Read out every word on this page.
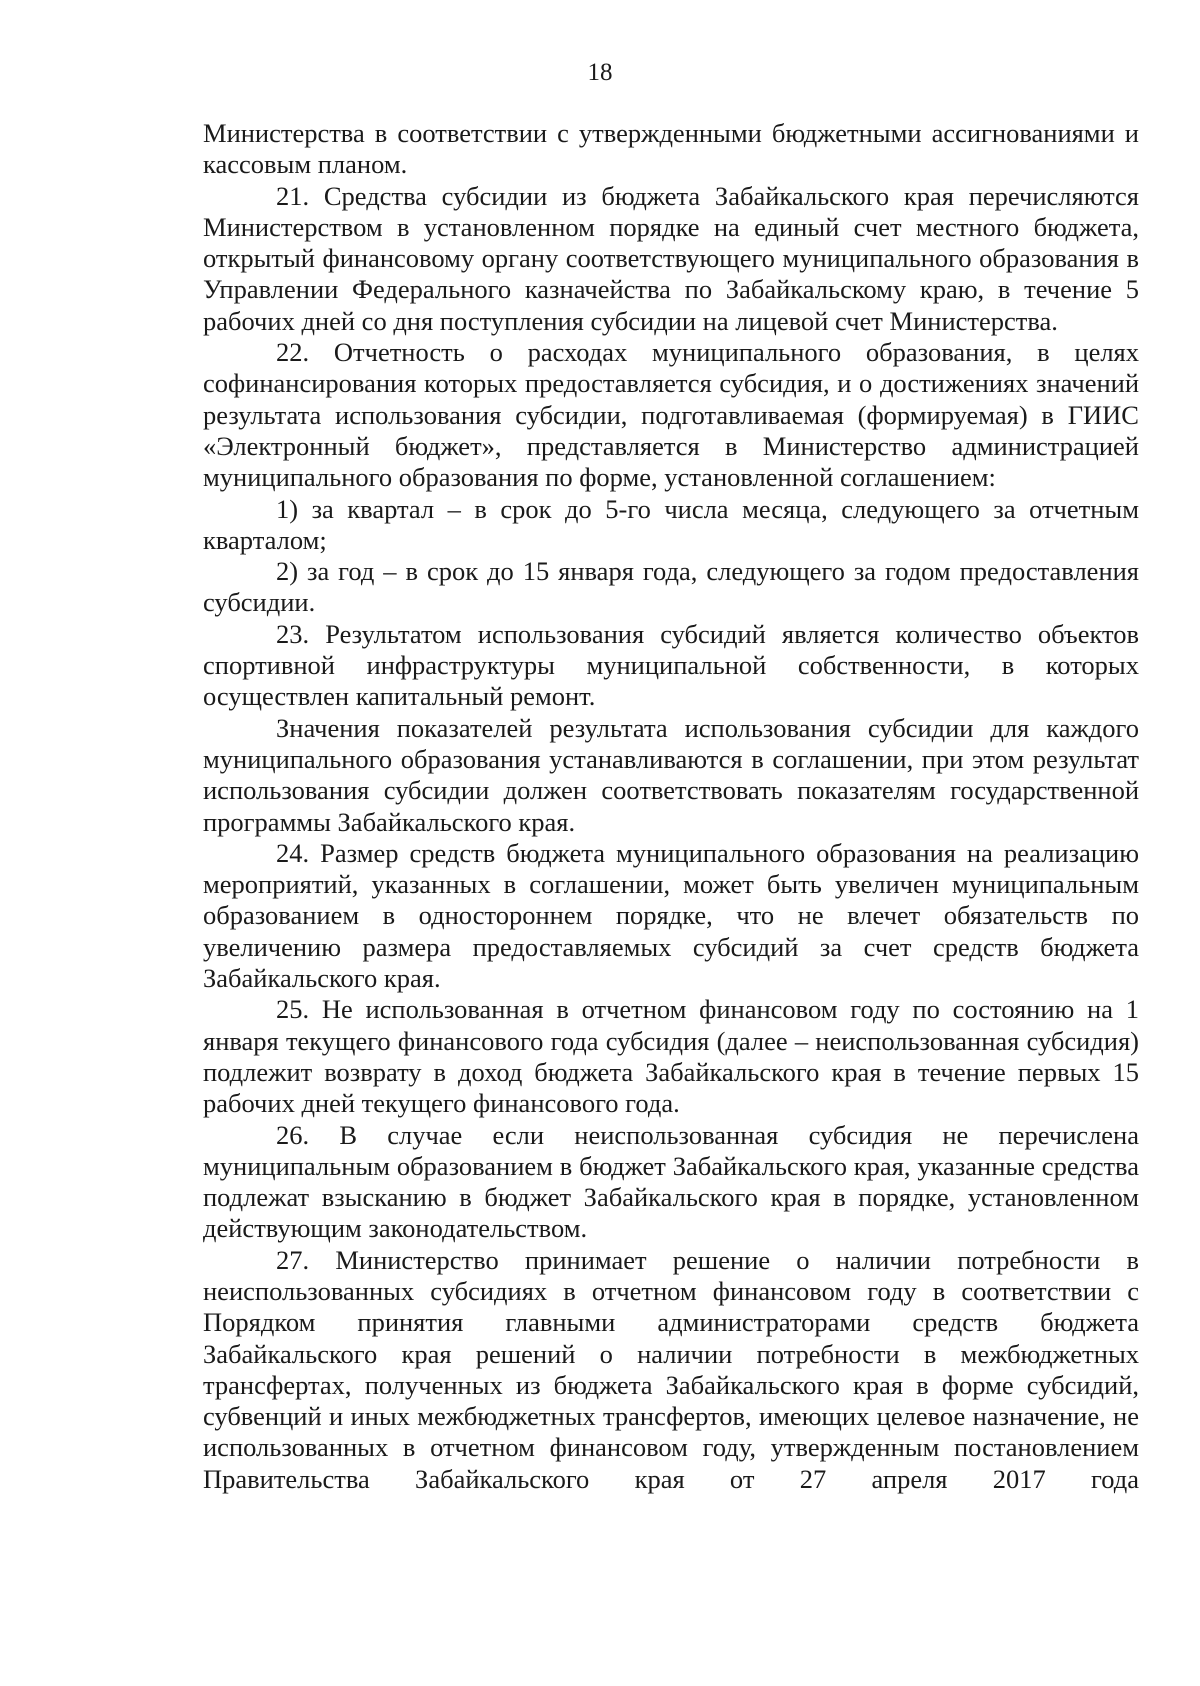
18

Министерства в соответствии с утвержденными бюджетными ассигнованиями и кассовым планом.

21. Средства субсидии из бюджета Забайкальского края перечисляются Министерством в установленном порядке на единый счет местного бюджета, открытый финансовому органу соответствующего муниципального образования в Управлении Федерального казначейства по Забайкальскому краю, в течение 5 рабочих дней со дня поступления субсидии на лицевой счет Министерства.

22. Отчетность о расходах муниципального образования, в целях софинансирования которых предоставляется субсидия, и о достижениях значений результата использования субсидии, подготавливаемая (формируемая) в ГИИС «Электронный бюджет», представляется в Министерство администрацией муниципального образования по форме, установленной соглашением:

1) за квартал – в срок до 5-го числа месяца, следующего за отчетным кварталом;

2) за год – в срок до 15 января года, следующего за годом предоставления субсидии.

23. Результатом использования субсидий является количество объектов спортивной инфраструктуры муниципальной собственности, в которых осуществлен капитальный ремонт.

Значения показателей результата использования субсидии для каждого муниципального образования устанавливаются в соглашении, при этом результат использования субсидии должен соответствовать показателям государственной программы Забайкальского края.

24. Размер средств бюджета муниципального образования на реализацию мероприятий, указанных в соглашении, может быть увеличен муниципальным образованием в одностороннем порядке, что не влечет обязательств по увеличению размера предоставляемых субсидий за счет средств бюджета Забайкальского края.

25. Не использованная в отчетном финансовом году по состоянию на 1 января текущего финансового года субсидия (далее – неиспользованная субсидия) подлежит возврату в доход бюджета Забайкальского края в течение первых 15 рабочих дней текущего финансового года.

26. В случае если неиспользованная субсидия не перечислена муниципальным образованием в бюджет Забайкальского края, указанные средства подлежат взысканию в бюджет Забайкальского края в порядке, установленном действующим законодательством.

27. Министерство принимает решение о наличии потребности в неиспользованных субсидиях в отчетном финансовом году в соответствии с Порядком принятия главными администраторами средств бюджета Забайкальского края решений о наличии потребности в межбюджетных трансфертах, полученных из бюджета Забайкальского края в форме субсидий, субвенций и иных межбюджетных трансфертов, имеющих целевое назначение, не использованных в отчетном финансовом году, утвержденным постановлением Правительства Забайкальского края от 27 апреля 2017 года
